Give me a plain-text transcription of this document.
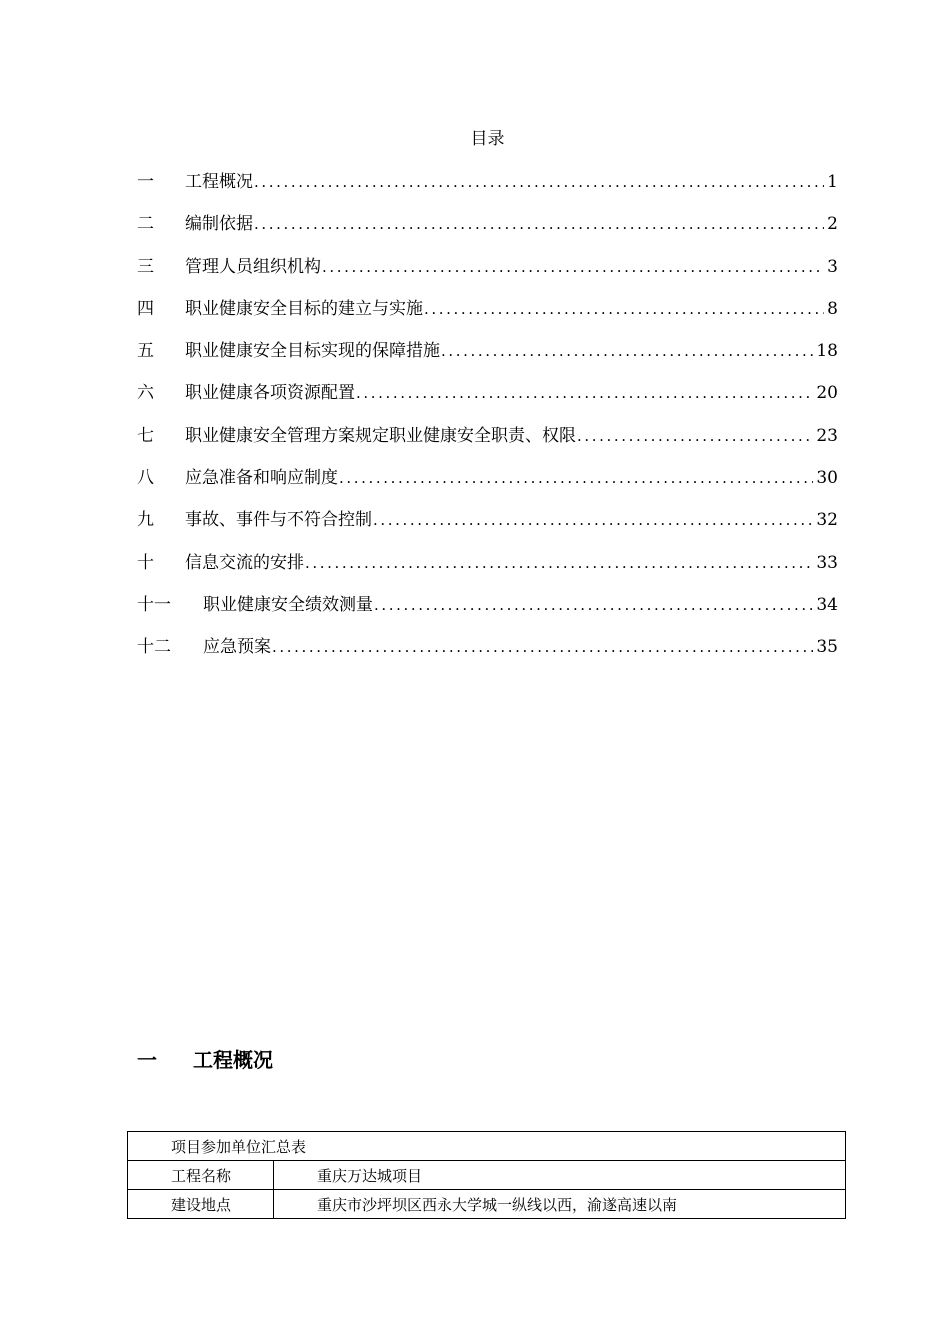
目录
一	工程概况 .....	1
二	编制依据 .....	2
三	管理人员组织机构 .....	3
四	职业健康安全目标的建立与实施 .....	8
五	职业健康安全目标实现的保障措施 .....	18
六	职业健康各项资源配置 .....	20
七	职业健康安全管理方案规定职业健康安全职责、权限 .....	23
八	应急准备和响应制度 .....	30
九	事故、事件与不符合控制 .....	32
十	信息交流的安排 .....	33
十一	职业健康安全绩效测量 .....	34
十二	应急预案 .....	35
一 工程概况
项目参加单位汇总表	
工程名称	重庆万达城项目
建设地点	重庆市沙坪坝区西永大学城一纵线以西，渝遂高速以南
